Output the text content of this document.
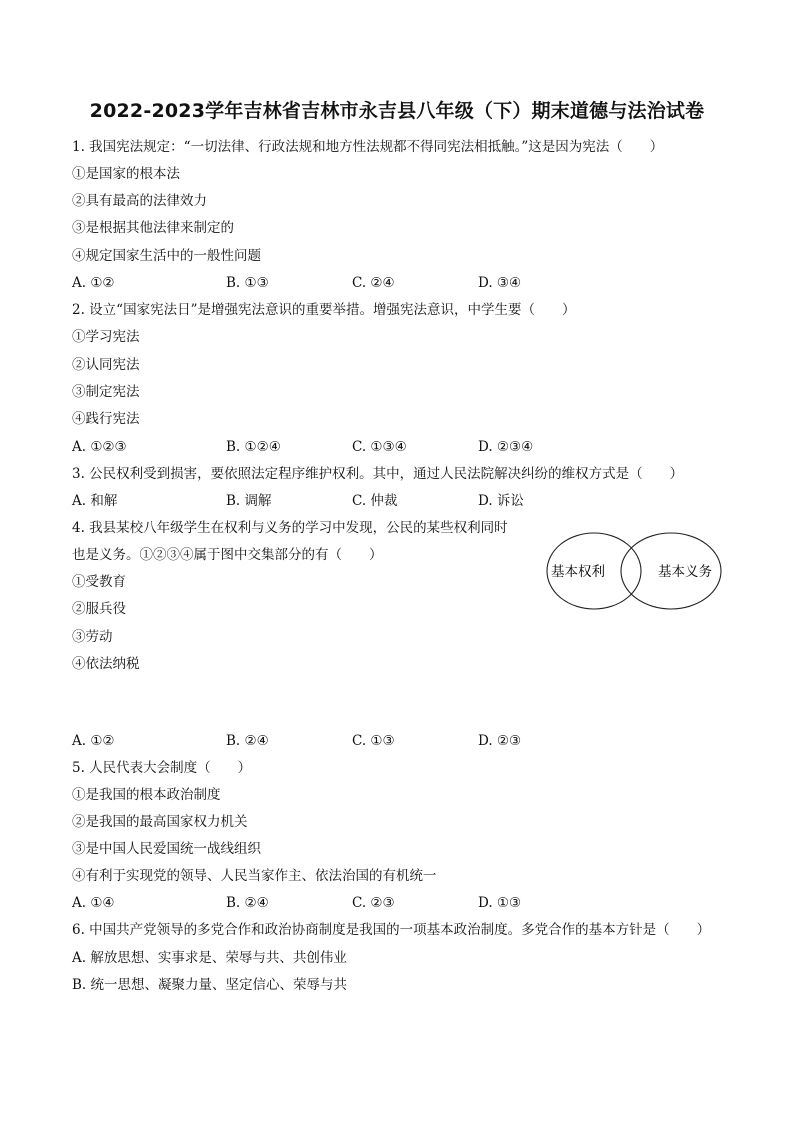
2022-2023学年吉林省吉林市永吉县八年级（下）期末道德与法治试卷
1. 我国宪法规定：“一切法律、行政法规和地方性法规都不得同宪法相抵触。”这是因为宪法（　　）
①是国家的根本法
②具有最高的法律效力
③是根据其他法律来制定的
④规定国家生活中的一般性问题
A. ①②	B. ①③	C. ②④	D. ③④
2. 设立“国家宪法日”是增强宪法意识的重要举措。增强宪法意识，中学生要（　　）
①学习宪法
②认同宪法
③制定宪法
④践行宪法
A. ①②③	B. ①②④	C. ①③④	D. ②③④
3. 公民权利受到损害，要依照法定程序维护权利。其中，通过人民法院解决纠纷的维权方式是（　　）
A. 和解	B. 调解	C. 仲裁	D. 诉讼
4. 我县某校八年级学生在权利与义务的学习中发现，公民的某些权利同时
也是义务。①②③④属于图中交集部分的有（　　）
①受教育
②服兵役
③劳动
④依法纳税
基本权利	基本义务
A. ①②	B. ②④	C. ①③	D. ②③
5. 人民代表大会制度（　　）
①是我国的根本政治制度
②是我国的最高国家权力机关
③是中国人民爱国统一战线组织
④有利于实现党的领导、人民当家作主、依法治国的有机统一
A. ①④	B. ②④	C. ②③	D. ①③
6. 中国共产党领导的多党合作和政治协商制度是我国的一项基本政治制度。多党合作的基本方针是（　　）
A. 解放思想、实事求是、荣辱与共、共创伟业
B. 统一思想、凝聚力量、坚定信心、荣辱与共
